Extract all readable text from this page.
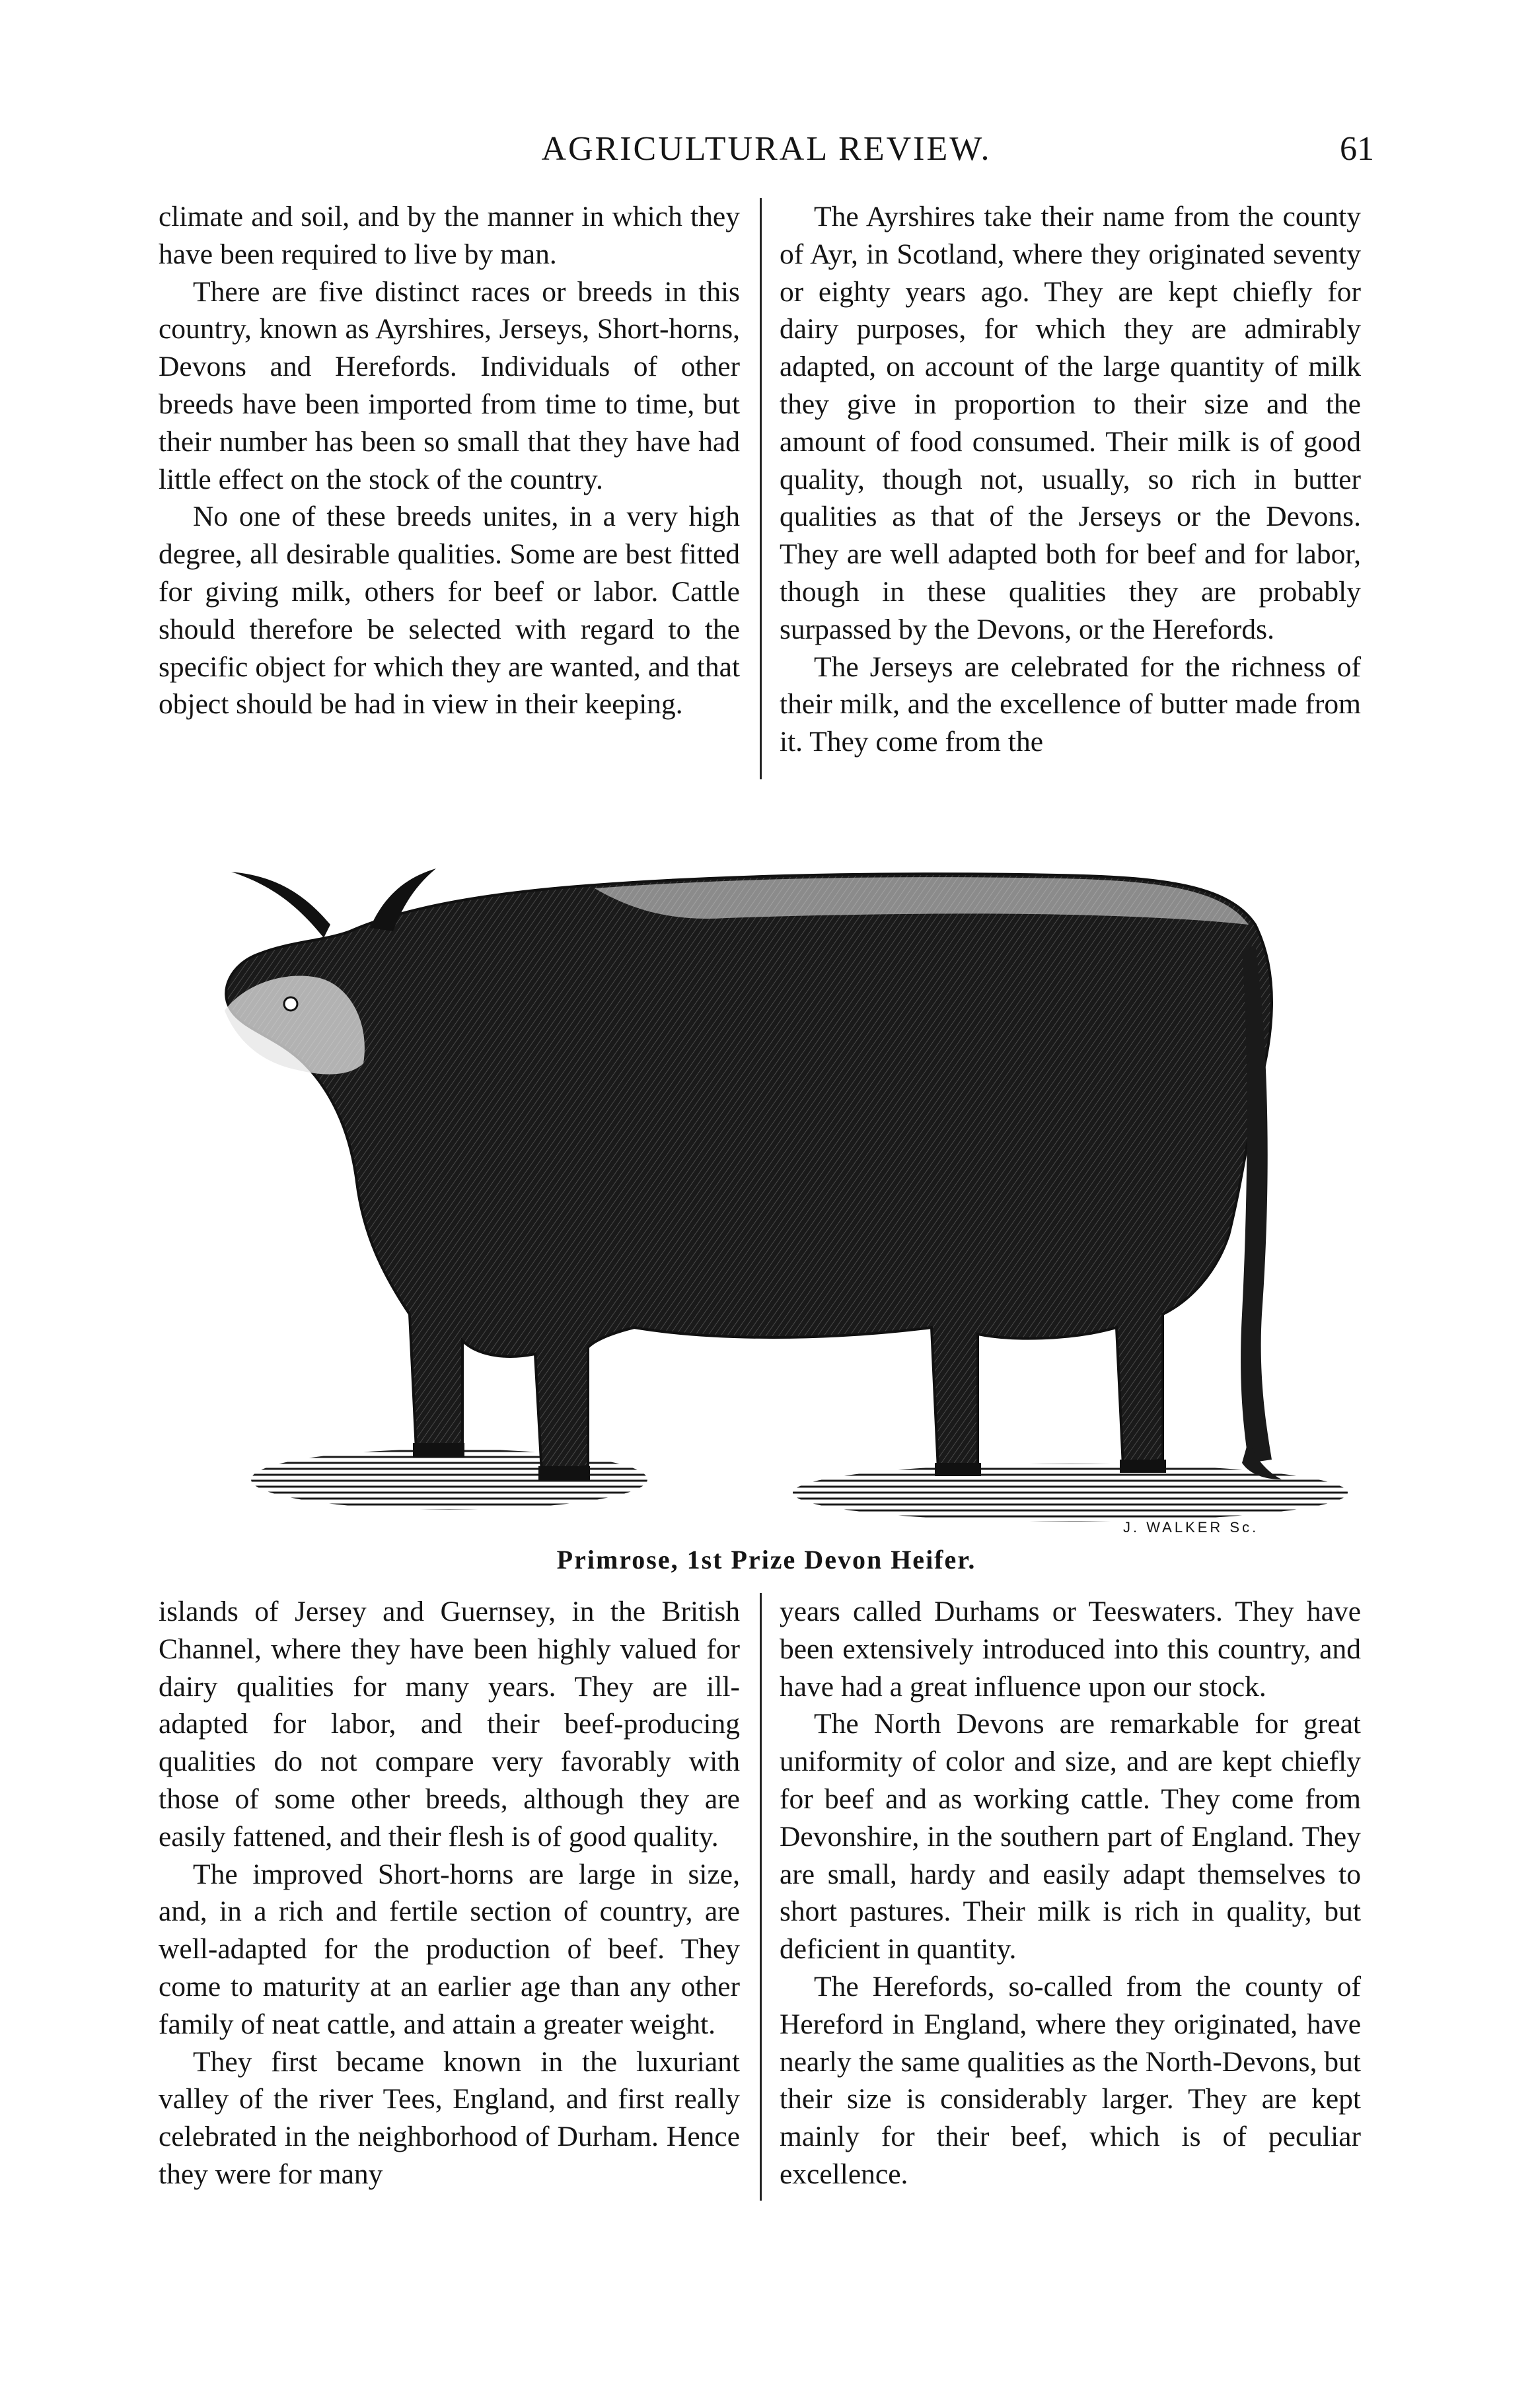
AGRICULTURAL REVIEW.	61

climate and soil, and by the manner in which they have been required to live by man.

There are five distinct races or breeds in this country, known as Ayrshires, Jerseys, Short-horns, Devons and Herefords. Individuals of other breeds have been imported from time to time, but their number has been so small that they have had little effect on the stock of the country.

No one of these breeds unites, in a very high degree, all desirable qualities. Some are best fitted for giving milk, others for beef or labor. Cattle should therefore be selected with regard to the specific object for which they are wanted, and that object should be had in view in their keeping.

The Ayrshires take their name from the county of Ayr, in Scotland, where they originated seventy or eighty years ago. They are kept chiefly for dairy purposes, for which they are admirably adapted, on account of the large quantity of milk they give in proportion to their size and the amount of food consumed. Their milk is of good quality, though not, usually, so rich in butter qualities as that of the Jerseys or the Devons. They are well adapted both for beef and for labor, though in these qualities they are probably surpassed by the Devons, or the Herefords.

The Jerseys are celebrated for the richness of their milk, and the excellence of butter made from it. They come from the

J. WALKER Sc.
Primrose, 1st Prize Devon Heifer.

islands of Jersey and Guernsey, in the British Channel, where they have been highly valued for dairy qualities for many years. They are ill-adapted for labor, and their beef-producing qualities do not compare very favorably with those of some other breeds, although they are easily fattened, and their flesh is of good quality.

The improved Short-horns are large in size, and, in a rich and fertile section of country, are well-adapted for the production of beef. They come to maturity at an earlier age than any other family of neat cattle, and attain a greater weight.

They first became known in the luxuriant valley of the river Tees, England, and first really celebrated in the neighborhood of Durham. Hence they were for many

years called Durhams or Teeswaters. They have been extensively introduced into this country, and have had a great influence upon our stock.

The North Devons are remarkable for great uniformity of color and size, and are kept chiefly for beef and as working cattle. They come from Devonshire, in the southern part of England. They are small, hardy and easily adapt themselves to short pastures. Their milk is rich in quality, but deficient in quantity.

The Herefords, so-called from the county of Hereford in England, where they originated, have nearly the same qualities as the North-Devons, but their size is considerably larger. They are kept mainly for their beef, which is of peculiar excellence.
